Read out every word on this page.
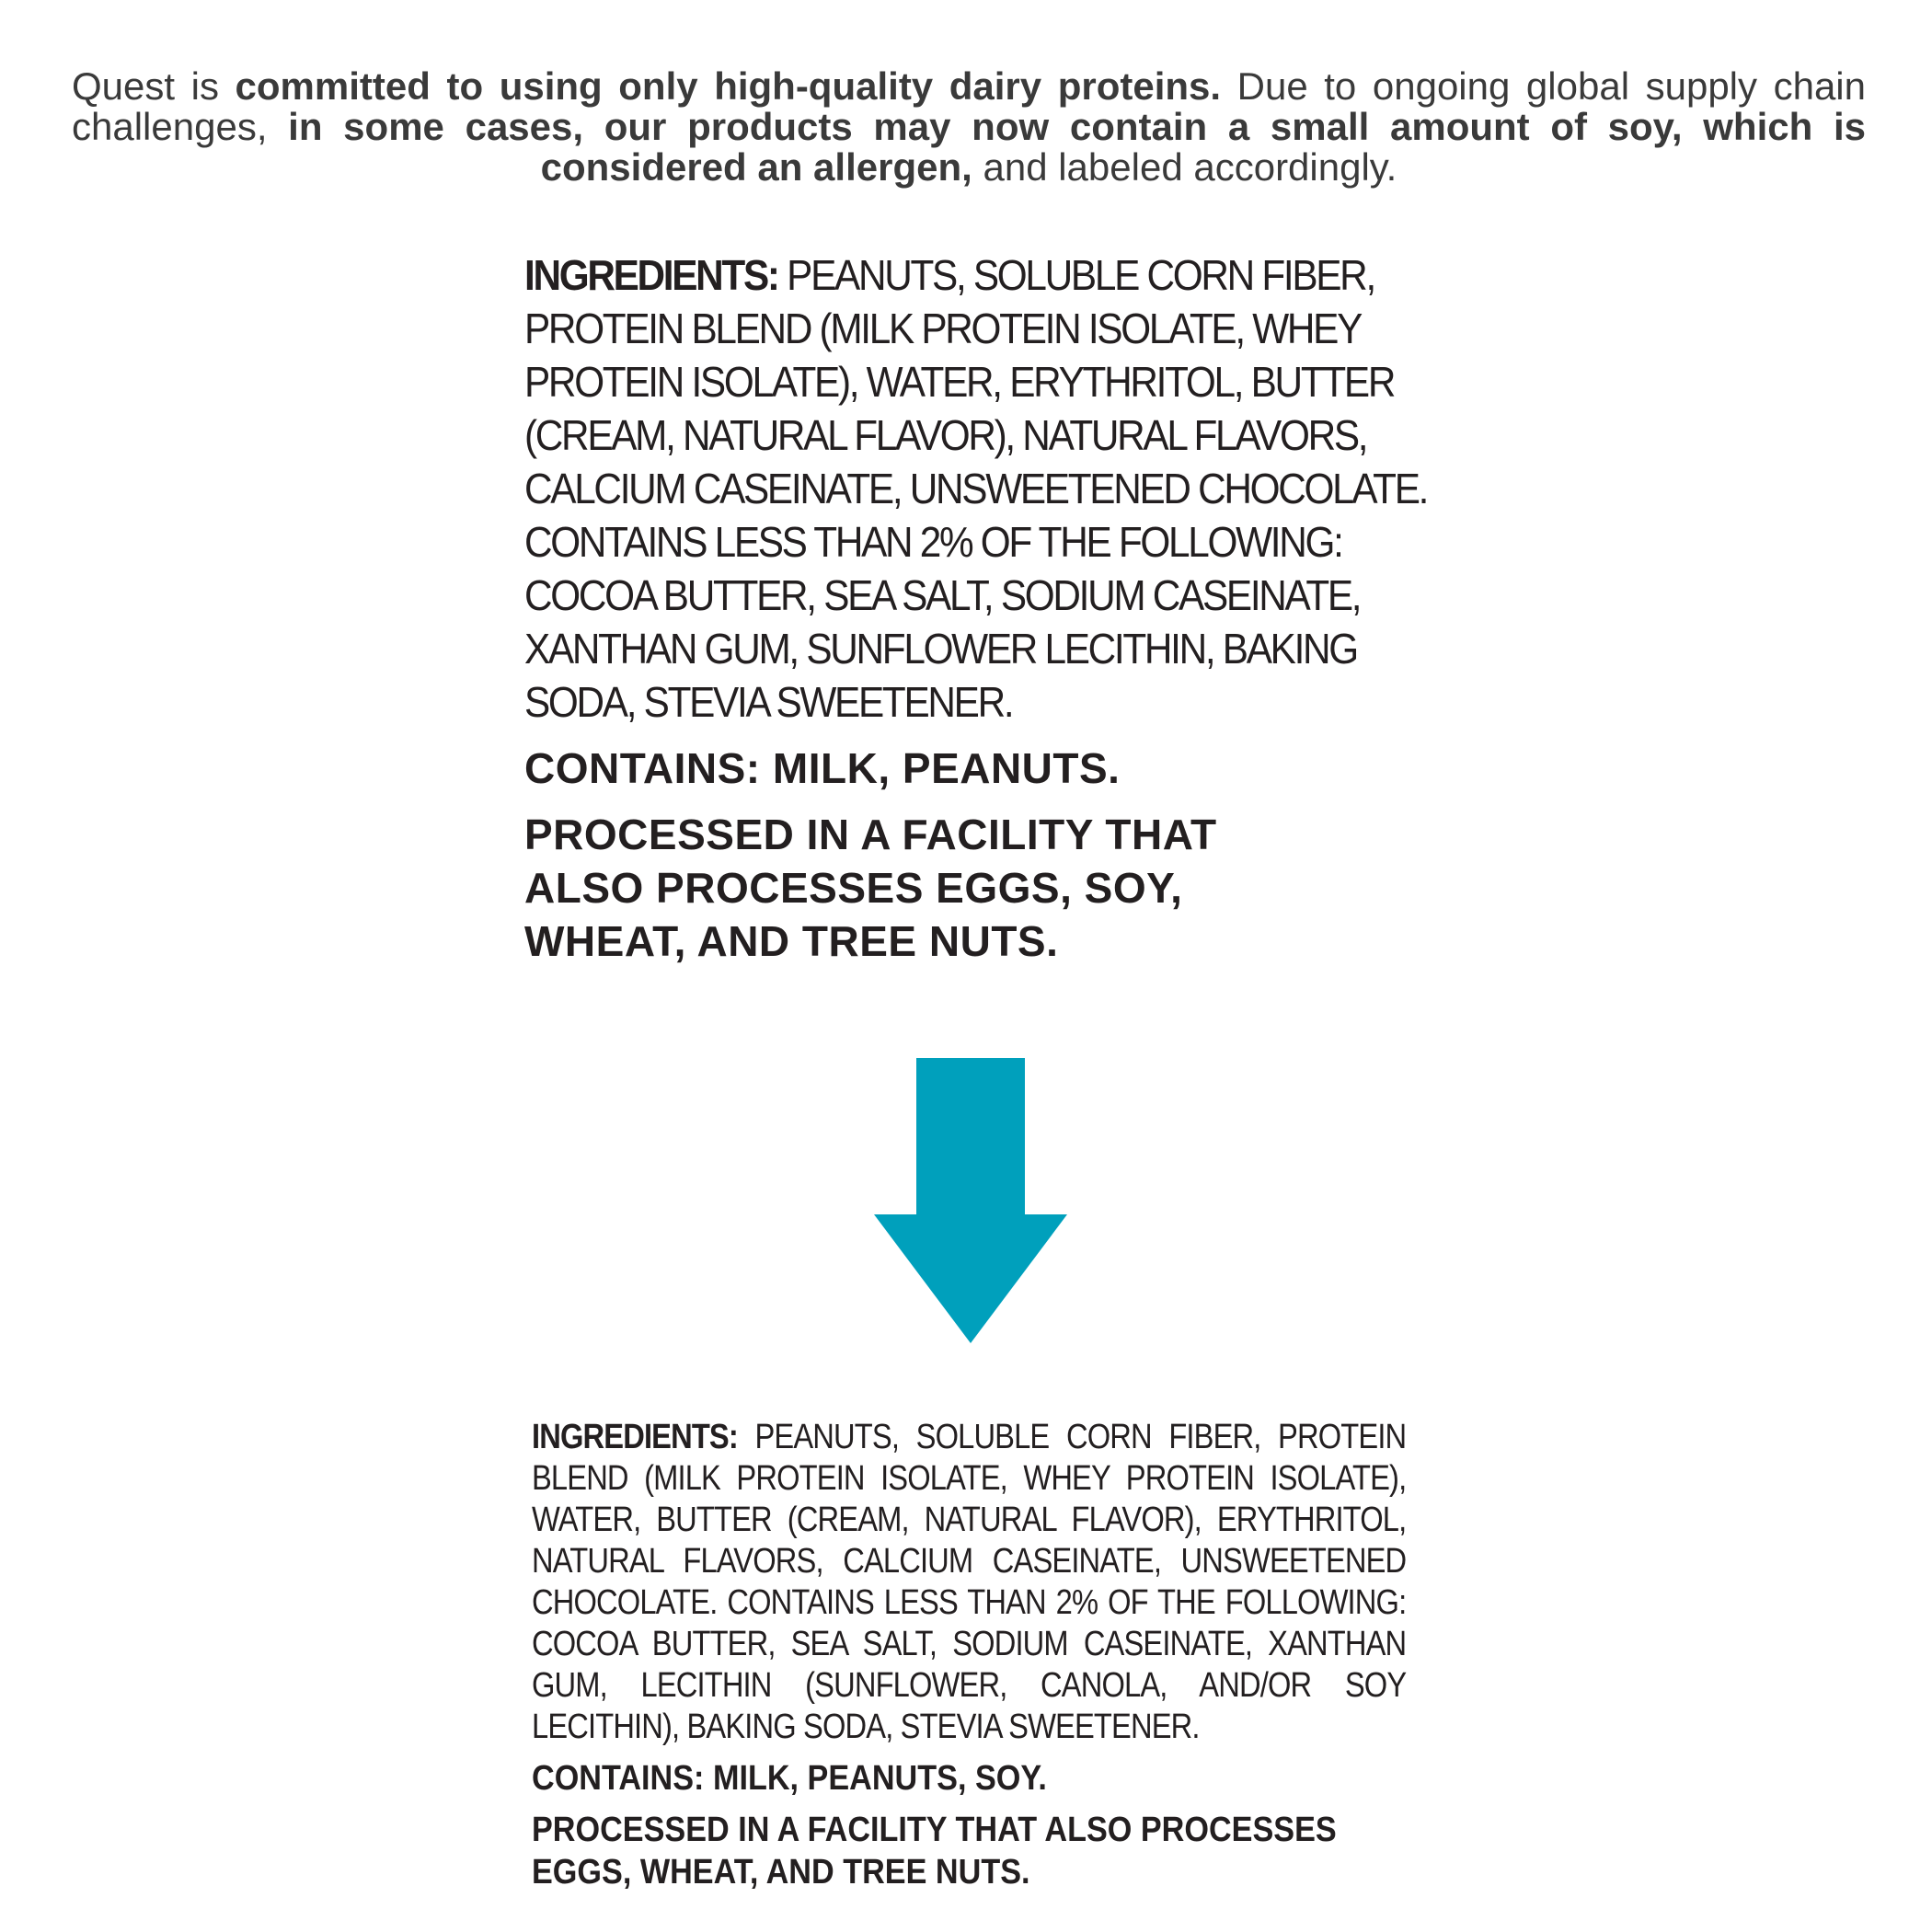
Quest is committed to using only high-quality dairy proteins. Due to ongoing global supply chain challenges, in some cases, our products may now contain a small amount of soy, which is considered an allergen, and labeled accordingly.
INGREDIENTS: PEANUTS, SOLUBLE CORN FIBER, PROTEIN BLEND (MILK PROTEIN ISOLATE, WHEY PROTEIN ISOLATE), WATER, ERYTHRITOL, BUTTER (CREAM, NATURAL FLAVOR), NATURAL FLAVORS, CALCIUM CASEINATE, UNSWEETENED CHOCOLATE. CONTAINS LESS THAN 2% OF THE FOLLOWING: COCOA BUTTER, SEA SALT, SODIUM CASEINATE, XANTHAN GUM, SUNFLOWER LECITHIN, BAKING SODA, STEVIA SWEETENER.
CONTAINS: MILK, PEANUTS.
PROCESSED IN A FACILITY THAT ALSO PROCESSES EGGS, SOY, WHEAT, AND TREE NUTS.
INGREDIENTS: PEANUTS, SOLUBLE CORN FIBER, PROTEIN BLEND (MILK PROTEIN ISOLATE, WHEY PROTEIN ISOLATE), WATER, BUTTER (CREAM, NATURAL FLAVOR), ERYTHRITOL, NATURAL FLAVORS, CALCIUM CASEINATE, UNSWEETENED CHOCOLATE. CONTAINS LESS THAN 2% OF THE FOLLOWING: COCOA BUTTER, SEA SALT, SODIUM CASEINATE, XANTHAN GUM, LECITHIN (SUNFLOWER, CANOLA, AND/OR SOY LECITHIN), BAKING SODA, STEVIA SWEETENER.
CONTAINS: MILK, PEANUTS, SOY.
PROCESSED IN A FACILITY THAT ALSO PROCESSES EGGS, WHEAT, AND TREE NUTS.
